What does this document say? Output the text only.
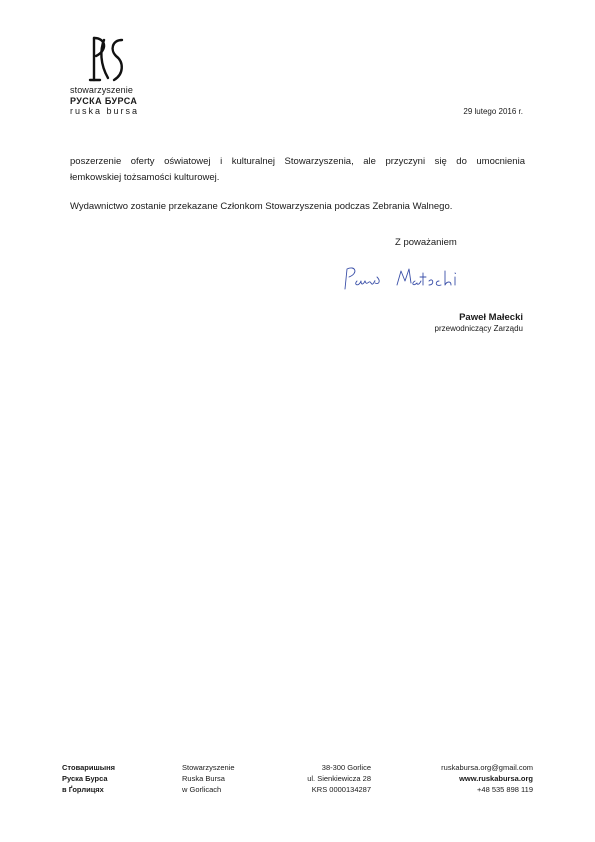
stowarzyszenie
РУСКА БУРСА
ruska bursa	29 lutego 2016 r.
poszerzenie oferty oświatowej i kulturalnej Stowarzyszenia, ale przyczyni się do umocnienia
łemkowskiej tożsamości kulturowej.
Wydawnictwo zostanie przekazane Członkom Stowarzyszenia podczas Zebrania Walnego.
Z poważaniem
Paweł Małecki
przewodniczący Zarządu
Стоваришыня
Руска Бурса
в Ґорлицях
Stowarzyszenie
Ruska Bursa
w Gorlicach
38-300 Gorlice
ul. Sienkiewicza 28
KRS 0000134287
ruskabursa.org@gmail.com
www.ruskabursa.org
+48 535 898 119
